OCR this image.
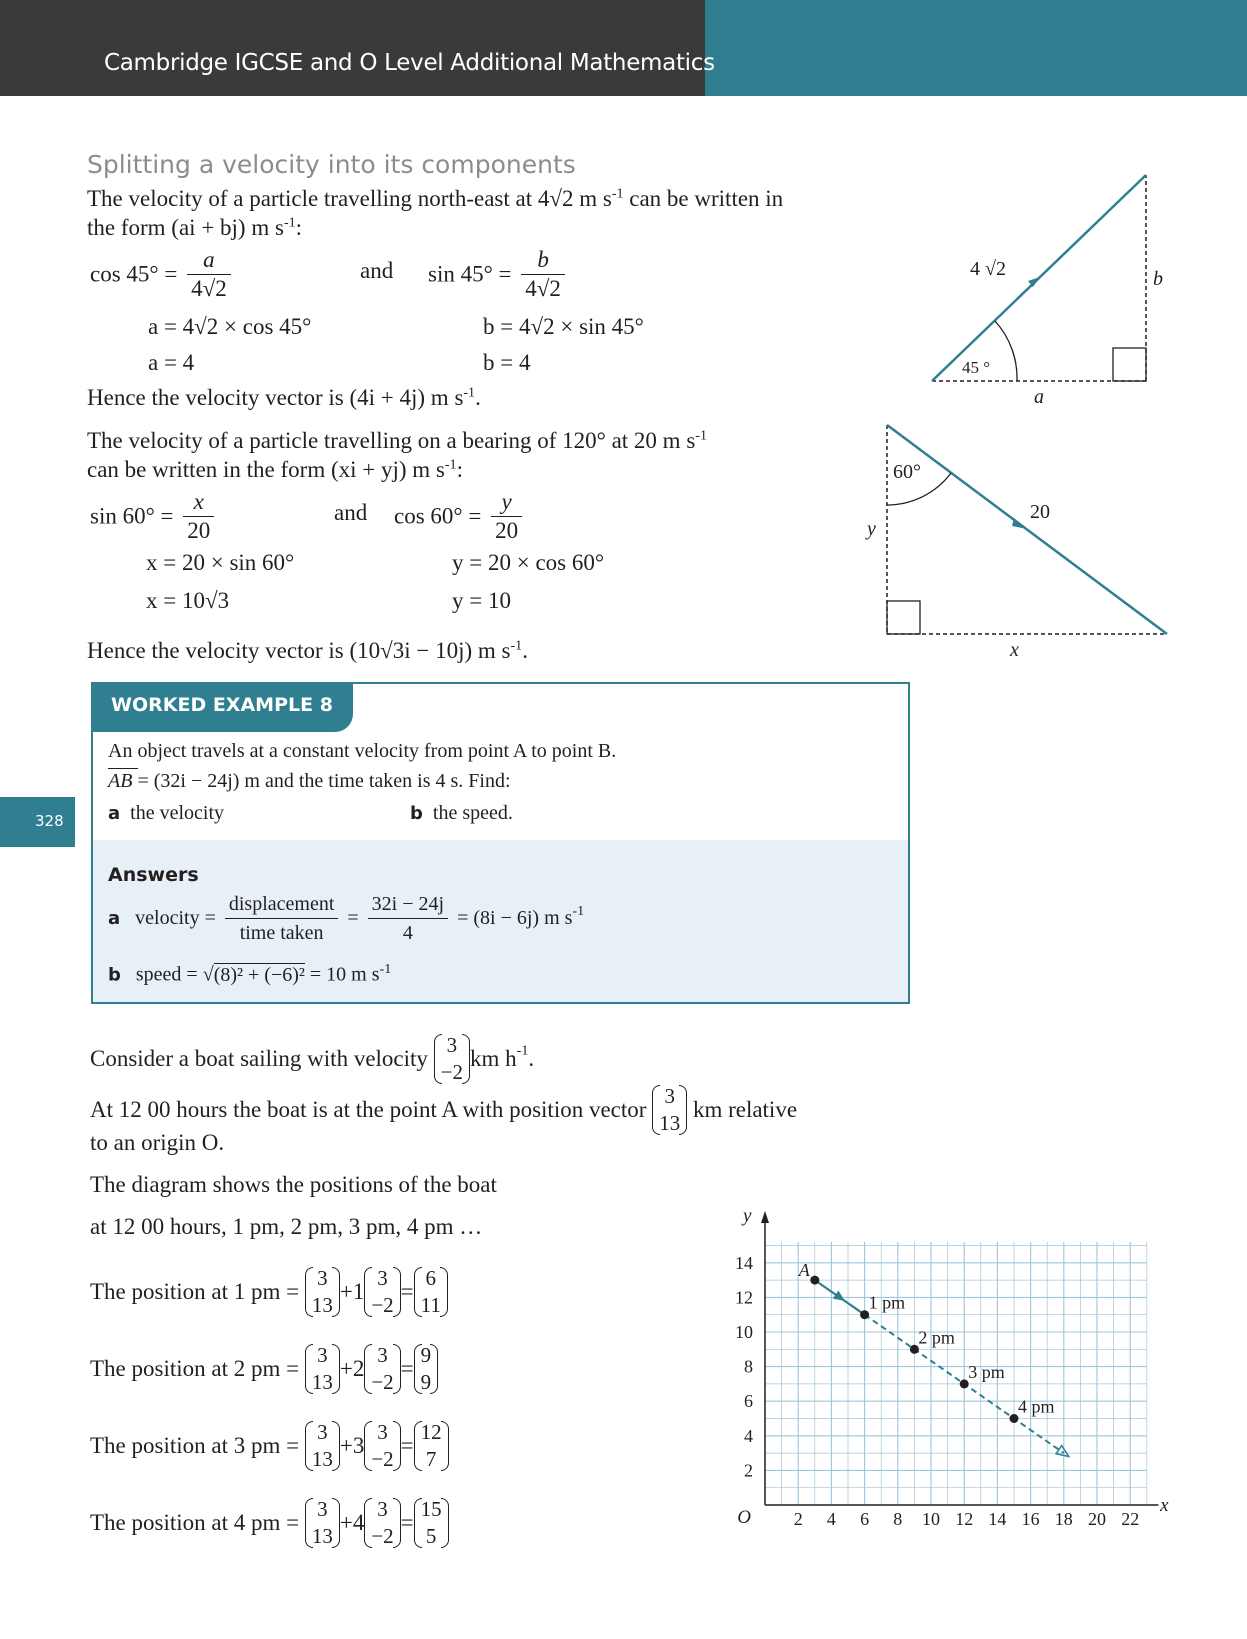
Cambridge IGCSE and O Level Additional Mathematics
328
Splitting a velocity into its components
The velocity of a particle travelling north-east at 4√2 m $s^{-1}$ can be written in
the form (ai + bj) m $s^{-1}$:
$\cos 45^\circ = \frac{a}{4√2}$	and $\sin 45^\circ = \frac{b}{4√2}$
a = 4√2 × cos 45°	b = 4√2 × sin 45°
a = 4	b = 4
Hence the velocity vector is (4i + 4j) m $s^{-1}$.
The velocity of a particle travelling on a bearing of 120° at 20 m $s^{-1}$
can be written in the form (xi + yj) m $s^{-1}$:
$\sin 60^\circ = \frac{x}{20}$	and $\cos 60^\circ = \frac{y}{20}$
x = 20 × sin 60°	y = 20 × cos 60°
x = 10√3	y = 10
Hence the velocity vector is (10√3i − 10j) m $s^{-1}$.
4 √2
45 °
b
a
60°
20
y
x
WORKED EXAMPLE 8
An object travels at a constant velocity from point A to point B.
AB = (32i − 24j) m and the time taken is 4 s. Find:
a the velocity	b the speed.
Answers
a velocity = $\frac{\text{displacement}}{\text{time taken}} = \frac{32i - 24j}{4} = (8i - 6j)$ m $s^{-1}$
b speed = √(8)² + (−6)² = 10 m $s^{-1}$
Consider a boat sailing with velocity
3
−2
km $h^{-1}$.
At 12 00 hours the boat is at the point A with position vector
3
13
km relative
to an origin O.
The diagram shows the positions of the boat
at 12 00 hours, 1 pm, 2 pm, 3 pm, 4 pm …
The position at 1 pm =
3
13
+1
3
−2
=
6
11
The position at 2 pm =
3
13
+2
3
−2
=
9
9
The position at 3 pm =
3
13
+3
3
−2
=
12
7
The position at 4 pm =
3
13
+4
3
−2
=
15
5
2 4 6 8 10 12 14 16 18 20 22
2
4
6
8
10
12
14
O
x
y
A
1 pm
2 pm
3 pm
4 pm
